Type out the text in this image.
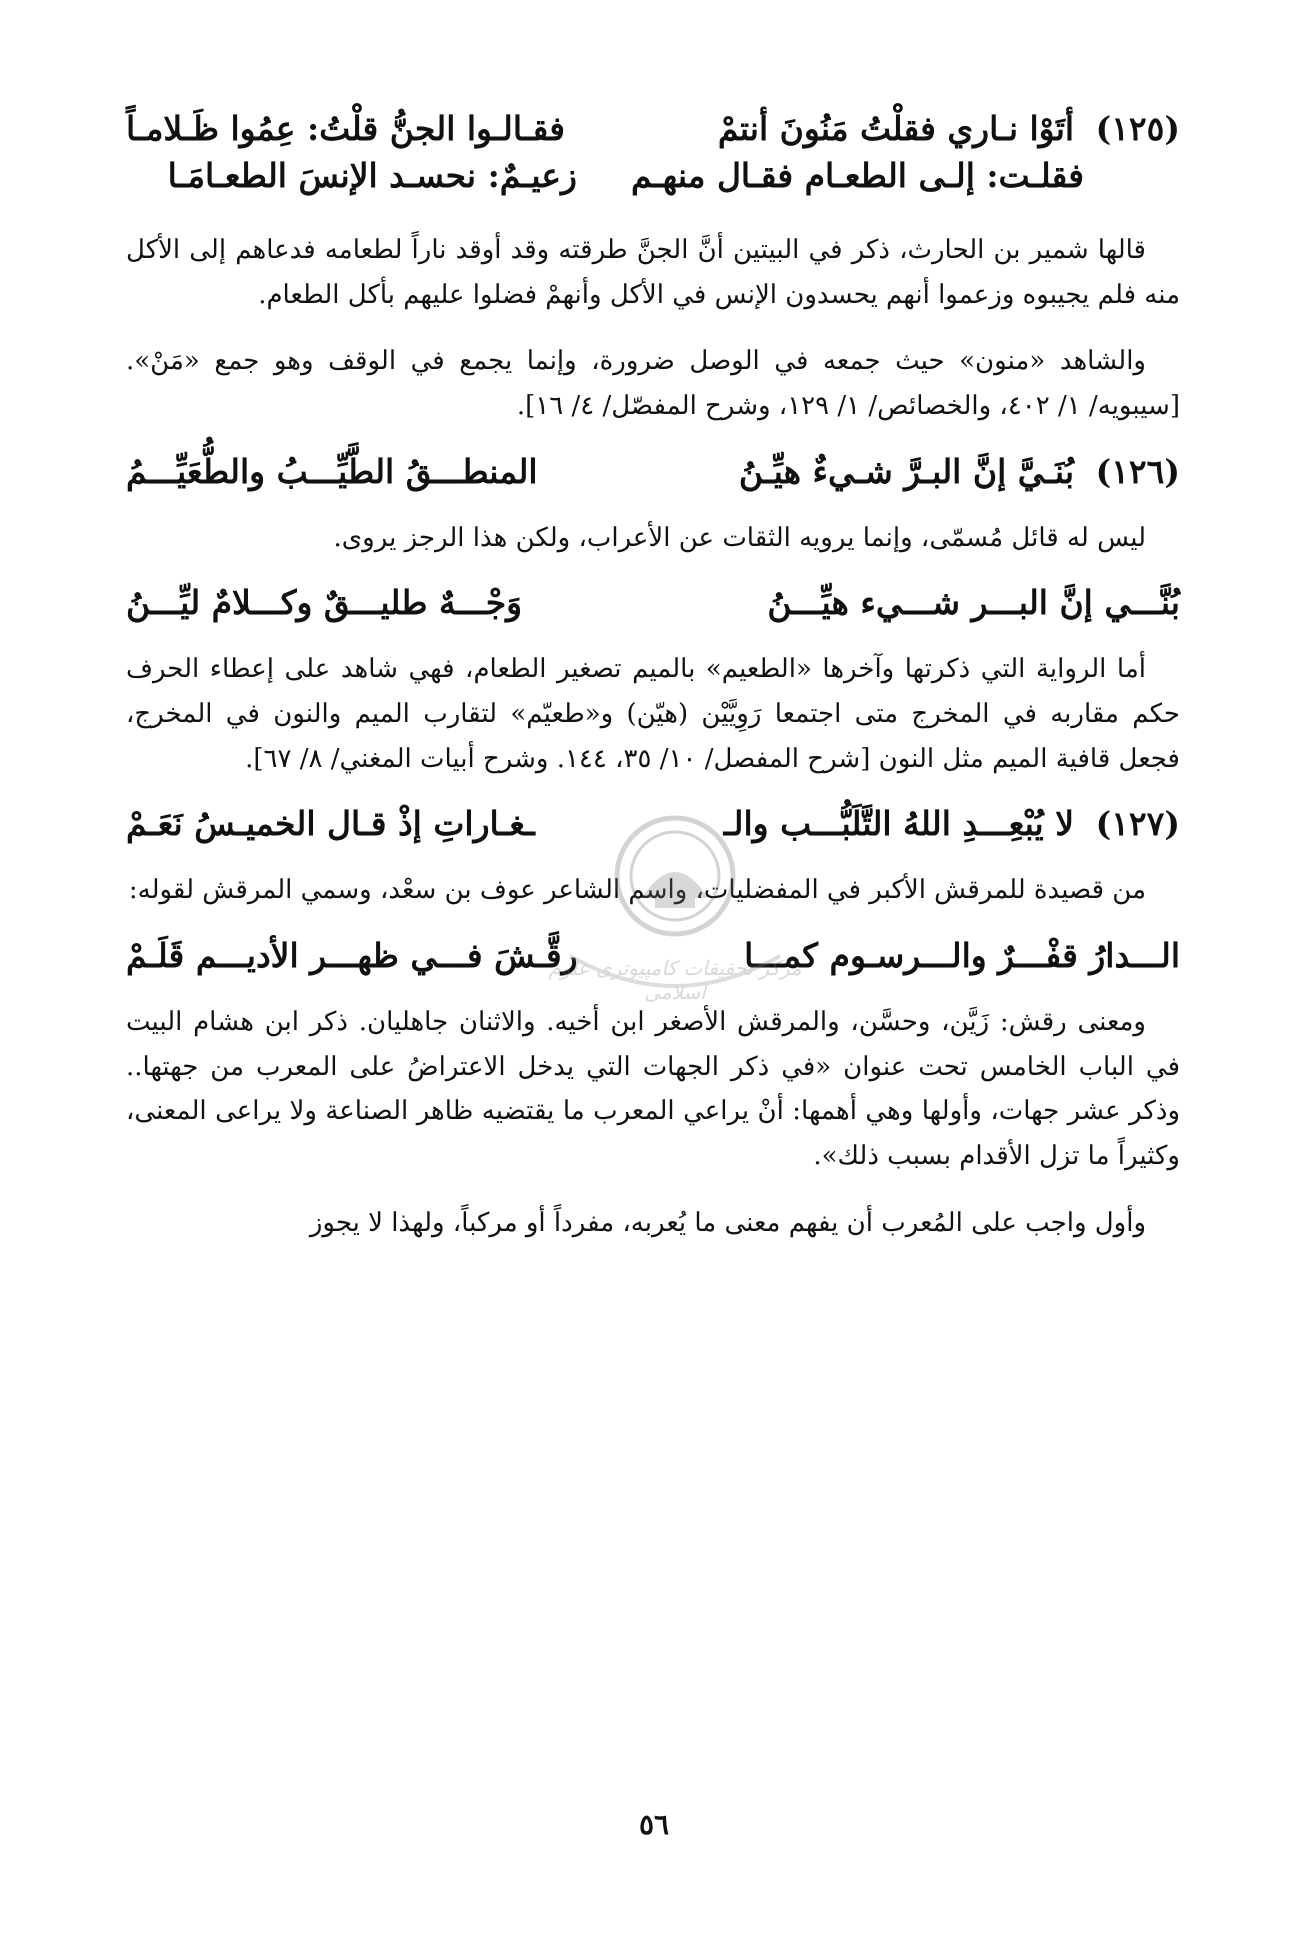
(١٢٥) أتَوْا نـاري فقلْتُ مَنُونَ أنتمْ
فقـالـوا الجنُّ قلْتُ: عِمُوا ظَـلامـاً
فقلـت: إلـى الطعـام فقـال منهـم
زعيـمٌ: نحسـد الإنسَ الطعـامَـا

قالها شمير بن الحارث، ذكر في البيتين أنَّ الجنَّ طرقته وقد أوقد ناراً لطعامه فدعاهم إلى الأكل منه فلم يجيبوه وزعموا أنهم يحسدون الإنس في الأكل وأنهمْ فضلوا عليهم بأكل الطعام.

والشاهد «منون» حيث جمعه في الوصل ضرورة، وإنما يجمع في الوقف وهو جمع «مَنْ». [سيبويه/ ١/ ٤٠٢، والخصائص/ ١/ ١٢٩، وشرح المفصّل/ ٤/ ١٦].

(١٢٦) بُنَـيَّ إنَّ البـرَّ شـيءٌ هيِّـنُ
المنطـــقُ الطَّيِّـــبُ والطُّعَيِّـــمُ

ليس له قائل مُسمّى، وإنما يرويه الثقات عن الأعراب، ولكن هذا الرجز يروى.

بُنَّـــي إنَّ البـــر شـــيء هيِّـــنُ
وَجْـــهٌ طليـــقٌ وكـــلامٌ ليِّـــنُ

أما الرواية التي ذكرتها وآخرها «الطعيم» بالميم تصغير الطعام، فهي شاهد على إعطاء الحرف حكم مقاربه في المخرج متى اجتمعا رَوِيَّيْن (هيّن) و«طعيّم» لتقارب الميم والنون في المخرج، فجعل قافية الميم مثل النون [شرح المفصل/ ١٠/ ٣٥، ١٤٤. وشرح أبيات المغني/ ٨/ ٦٧].

(١٢٧) لا يُبْعِـــدِ اللهُ التَّلَبُّـــب والـ
ـغـاراتِ إذْ قـال الخميـسُ نَعَـمْ

من قصيدة للمرقش الأكبر في المفضليات، واسم الشاعر عوف بن سعْد، وسمي المرقش لقوله:

الـــدارُ قفْـــرٌ والـــرسـوم كمـــا
رقَّـشَ فـــي ظهـــر الأديـــم قَلَـمْ

ومعنى رقش: زَيَّن، وحسَّن، والمرقش الأصغر ابن أخيه. والاثنان جاهليان. ذكر ابن هشام البيت في الباب الخامس تحت عنوان «في ذكر الجهات التي يدخل الاعتراضُ على المعرب من جهتها.. وذكر عشر جهات، وأولها وهي أهمها: أنْ يراعي المعرب ما يقتضيه ظاهر الصناعة ولا يراعى المعنى، وكثيراً ما تزل الأقدام بسبب ذلك».

وأول واجب على المُعرب أن يفهم معنى ما يُعربه، مفرداً أو مركباً، ولهذا لا يجوز

مرکز تحقیقات کامپیوتری علوم اسلامی
٥٦
